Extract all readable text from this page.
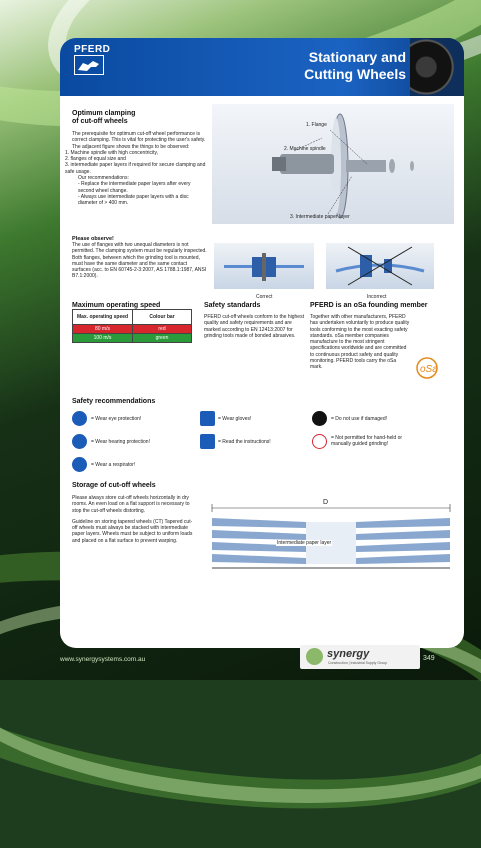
PFERD	Stationary and
Cutting Wheels
Optimum clamping
of cut-off wheels

The prerequisite for optimum cut-off wheel performance is correct clamping. This is vital for protecting the user's safety. The adjacent figure shows the things to be observed:

1. Machine spindle with high concentricity,
2. flanges of equal size and
3. intermediate paper layers if required for secure clamping and safe usage.
Our recommendations:
- Replace the intermediate paper layers after every second wheel change.
- Always use intermediate paper layers with a disc diameter of > 400 mm.
1. Flange
2. Machine spindle
3. Intermediate paper layer
Please observe!

The use of flanges with two unequal diameters is not permitted. The clamping system must be regularly inspected. Both flanges, between which the grinding tool is mounted, must have the same diameter and the same contact surfaces (acc. to EN 60745-2-3:2007, AS 1788.1:1987, ANSI B7.1:2000).

Correct	Incorrect
Maximum operating speed
Max. operating speed	Colour bar
80 m/s	red
100 m/s	green
Safety standards

PFERD cut-off wheels conform to the highest quality and safety requirements and are marked according to EN 12413:2007 for grinding tools made of bonded abrasives.

PFERD is an oSa founding member

Together with other manufacturers, PFERD has undertaken voluntarily to produce quality tools conforming to the most exacting safety standards. oSa member companies manufacture to the most stringent specifications worldwide and are committed to continuous product safety and quality monitoring. PFERD tools carry the oSa mark.	oSa
Safety recommendations
= Wear eye protection!	= Wear gloves!	= Do not use if damaged!
= Wear hearing protection!	= Read the instructions!
= Not permitted for hand-held or manually guided grinding!
= Wear a respirator!
Storage of cut-off wheels

Please always store cut-off wheels horizontally in dry rooms. An even load on a flat support is necessary to stop the cut-off wheels distorting.

Guideline on storing tapered wheels (CT) Tapered cut-off wheels must always be stacked with intermediate paper layers. Wheels must be subject to uniform loads and placed on a flat surface to prevent warping.

D
Intermediate paper layer
www.synergysystems.com.au	synergy
Construction | Industrial Supply Group
349
